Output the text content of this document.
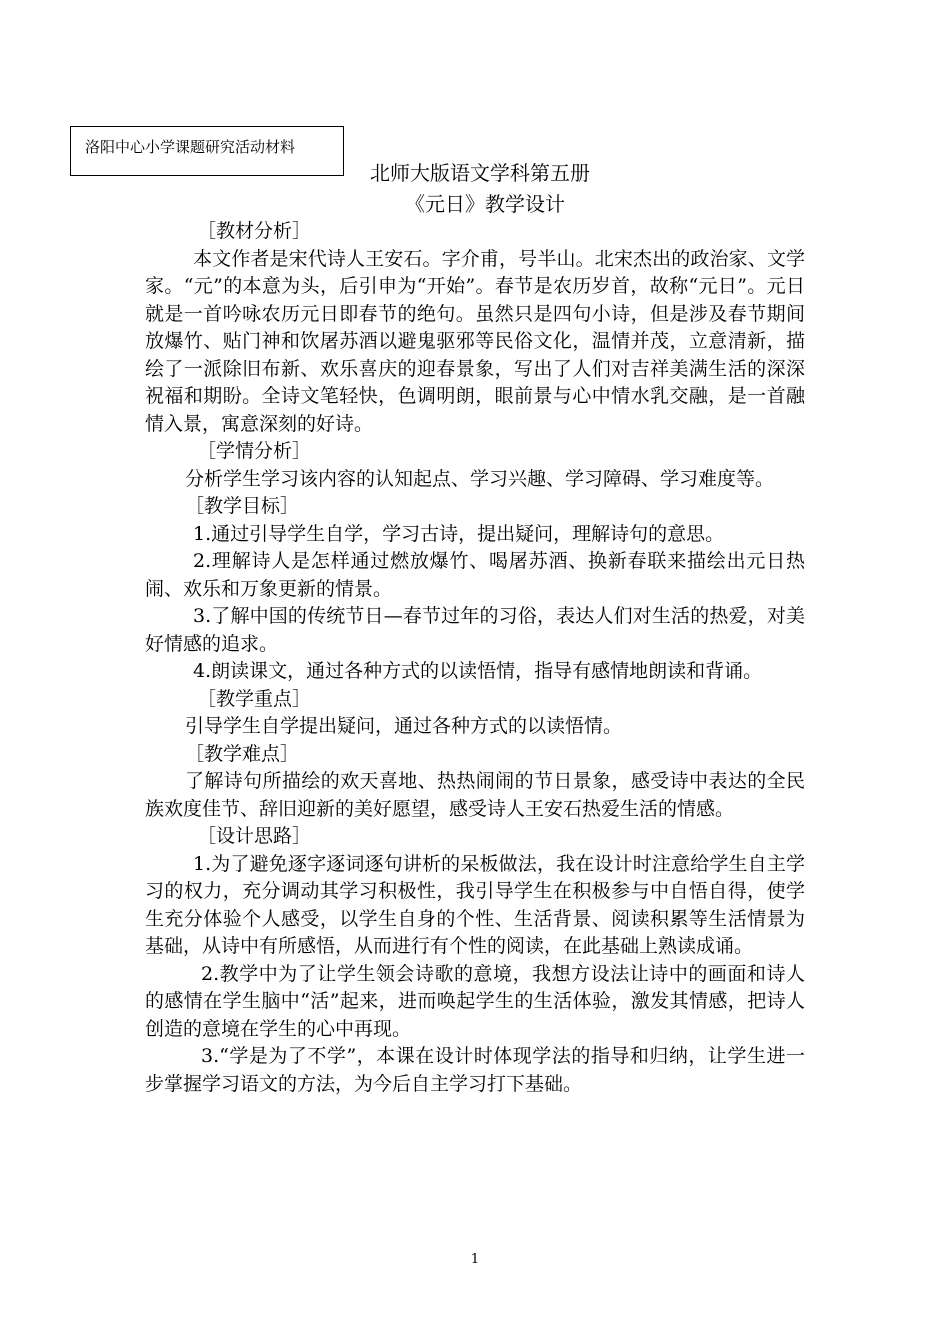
洛阳中心小学课题研究活动材料
北师大版语文学科第五册
《元日》教学设计

［教材分析］

本文作者是宋代诗人王安石。字介甫，号半山。北宋杰出的政治家、文学家。“元”的本意为头，后引申为“开始”。春节是农历岁首，故称“元日”。元日就是一首吟咏农历元日即春节的绝句。虽然只是四句小诗，但是涉及春节期间放爆竹、贴门神和饮屠苏酒以避鬼驱邪等民俗文化，温情并茂，立意清新，描绘了一派除旧布新、欢乐喜庆的迎春景象，写出了人们对吉祥美满生活的深深祝福和期盼。全诗文笔轻快，色调明朗，眼前景与心中情水乳交融，是一首融情入景，寓意深刻的好诗。

［学情分析］

分析学生学习该内容的认知起点、学习兴趣、学习障碍、学习难度等。

［教学目标］

1.通过引导学生自学，学习古诗，提出疑问，理解诗句的意思。

2.理解诗人是怎样通过燃放爆竹、喝屠苏酒、换新春联来描绘出元日热闹、欢乐和万象更新的情景。

3.了解中国的传统节日—春节过年的习俗，表达人们对生活的热爱，对美好情感的追求。

4.朗读课文，通过各种方式的以读悟情，指导有感情地朗读和背诵。

［教学重点］

引导学生自学提出疑问，通过各种方式的以读悟情。

［教学难点］

了解诗句所描绘的欢天喜地、热热闹闹的节日景象，感受诗中表达的全民族欢度佳节、辞旧迎新的美好愿望，感受诗人王安石热爱生活的情感。

［设计思路］

1.为了避免逐字逐词逐句讲析的呆板做法，我在设计时注意给学生自主学习的权力，充分调动其学习积极性，我引导学生在积极参与中自悟自得，使学生充分体验个人感受，以学生自身的个性、生活背景、阅读积累等生活情景为基础，从诗中有所感悟，从而进行有个性的阅读，在此基础上熟读成诵。

2.教学中为了让学生领会诗歌的意境，我想方设法让诗中的画面和诗人的感情在学生脑中“活”起来，进而唤起学生的生活体验，激发其情感，把诗人创造的意境在学生的心中再现。

3.“学是为了不学”，本课在设计时体现学法的指导和归纳，让学生进一步掌握学习语文的方法，为今后自主学习打下基础。

1
